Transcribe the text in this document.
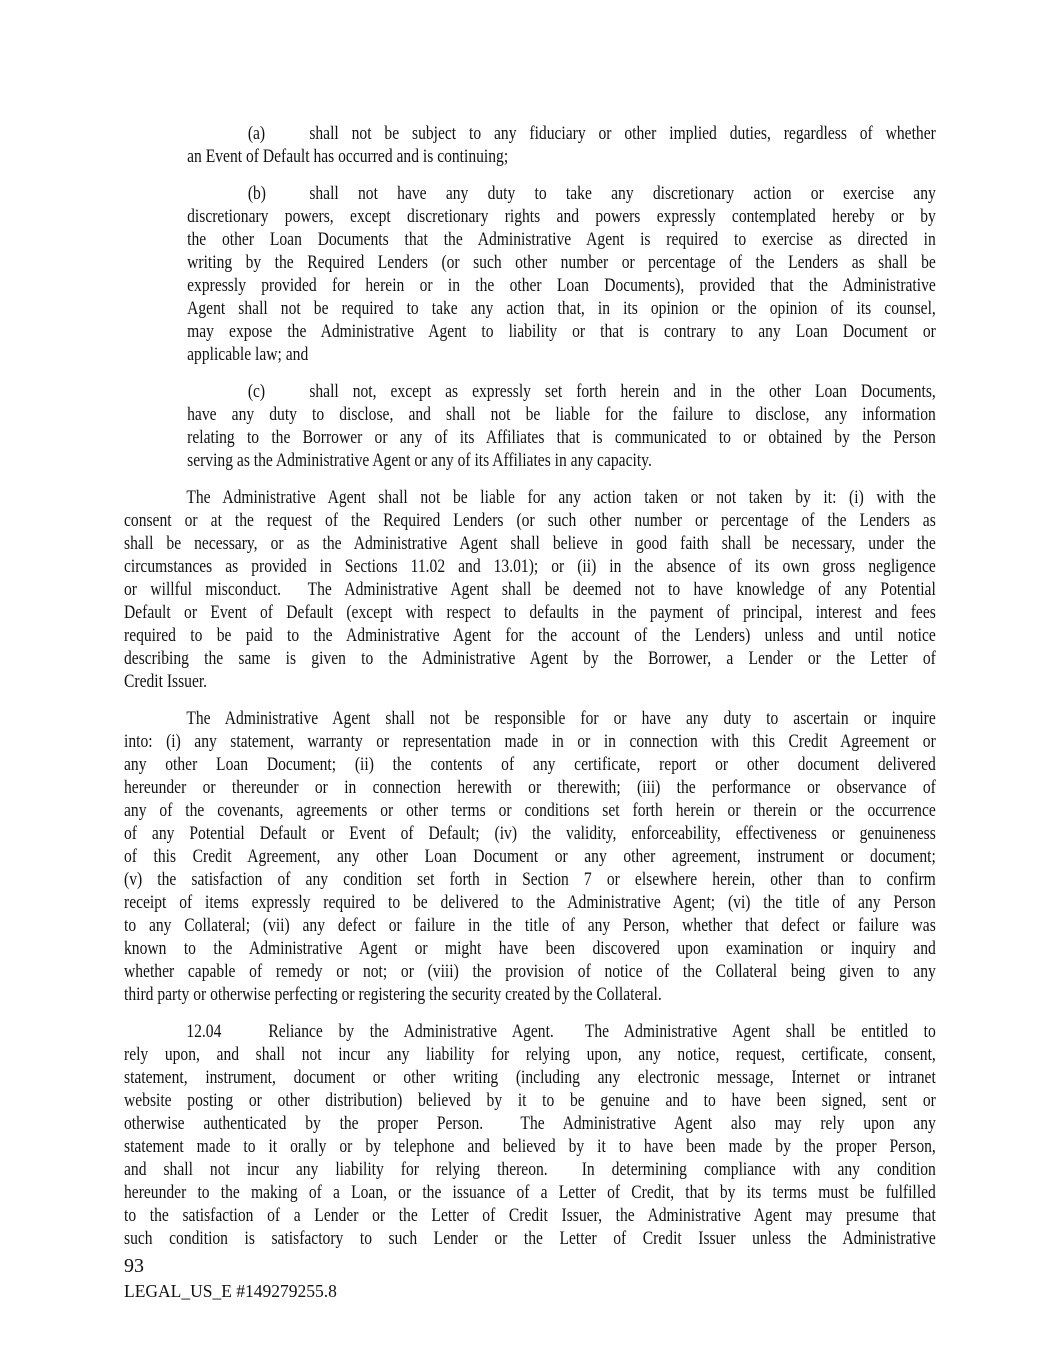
(a) shall not be subject to any fiduciary or other implied duties, regardless of whether
an Event of Default has occurred and is continuing;
(b) shall not have any duty to take any discretionary action or exercise any
discretionary powers, except discretionary rights and powers expressly contemplated hereby or by
the other Loan Documents that the Administrative Agent is required to exercise as directed in
writing by the Required Lenders (or such other number or percentage of the Lenders as shall be
expressly provided for herein or in the other Loan Documents), provided that the Administrative
Agent shall not be required to take any action that, in its opinion or the opinion of its counsel,
may expose the Administrative Agent to liability or that is contrary to any Loan Document or
applicable law; and
(c) shall not, except as expressly set forth herein and in the other Loan Documents,
have any duty to disclose, and shall not be liable for the failure to disclose, any information
relating to the Borrower or any of its Affiliates that is communicated to or obtained by the Person
serving as the Administrative Agent or any of its Affiliates in any capacity.
The Administrative Agent shall not be liable for any action taken or not taken by it: (i) with the
consent or at the request of the Required Lenders (or such other number or percentage of the Lenders as
shall be necessary, or as the Administrative Agent shall believe in good faith shall be necessary, under the
circumstances as provided in Sections 11.02 and 13.01); or (ii) in the absence of its own gross negligence
or willful misconduct.  The Administrative Agent shall be deemed not to have knowledge of any Potential
Default or Event of Default (except with respect to defaults in the payment of principal, interest and fees
required to be paid to the Administrative Agent for the account of the Lenders) unless and until notice
describing the same is given to the Administrative Agent by the Borrower, a Lender or the Letter of
Credit Issuer.
The Administrative Agent shall not be responsible for or have any duty to ascertain or inquire
into: (i) any statement, warranty or representation made in or in connection with this Credit Agreement or
any other Loan Document; (ii) the contents of any certificate, report or other document delivered
hereunder or thereunder or in connection herewith or therewith; (iii) the performance or observance of
any of the covenants, agreements or other terms or conditions set forth herein or therein or the occurrence
of any Potential Default or Event of Default; (iv) the validity, enforceability, effectiveness or genuineness
of this Credit Agreement, any other Loan Document or any other agreement, instrument or document;
(v) the satisfaction of any condition set forth in Section 7 or elsewhere herein, other than to confirm
receipt of items expressly required to be delivered to the Administrative Agent; (vi) the title of any Person
to any Collateral; (vii) any defect or failure in the title of any Person, whether that defect or failure was
known to the Administrative Agent or might have been discovered upon examination or inquiry and
whether capable of remedy or not; or (viii) the provision of notice of the Collateral being given to any
third party or otherwise perfecting or registering the security created by the Collateral.
12.04   Reliance by the Administrative Agent.  The Administrative Agent shall be entitled to
rely upon, and shall not incur any liability for relying upon, any notice, request, certificate, consent,
statement, instrument, document or other writing (including any electronic message, Internet or intranet
website posting or other distribution) believed by it to be genuine and to have been signed, sent or
otherwise authenticated by the proper Person.  The Administrative Agent also may rely upon any
statement made to it orally or by telephone and believed by it to have been made by the proper Person,
and shall not incur any liability for relying thereon.  In determining compliance with any condition
hereunder to the making of a Loan, or the issuance of a Letter of Credit, that by its terms must be fulfilled
to the satisfaction of a Lender or the Letter of Credit Issuer, the Administrative Agent may presume that
such condition is satisfactory to such Lender or the Letter of Credit Issuer unless the Administrative
93
LEGAL_US_E #149279255.8
